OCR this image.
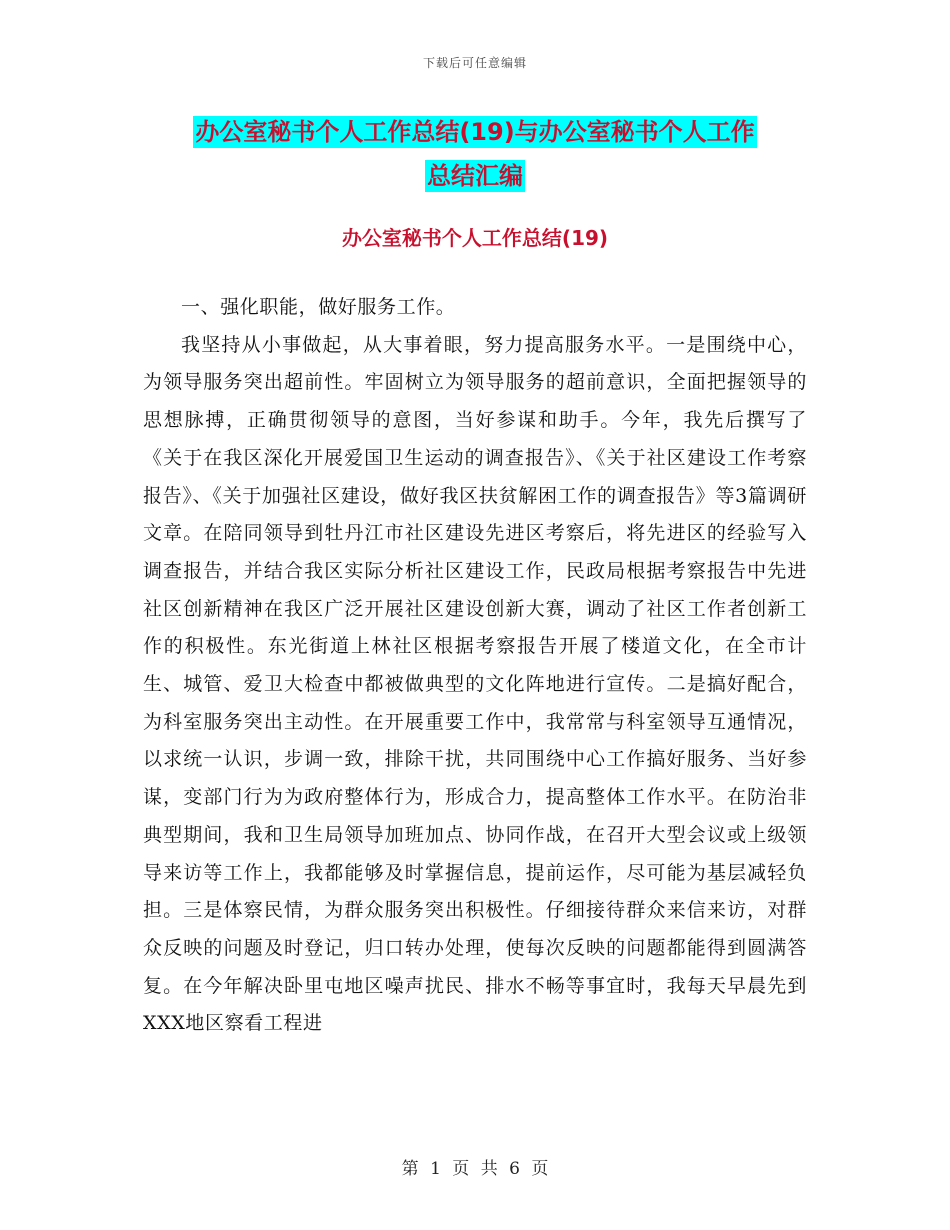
下载后可任意编辑
办公室秘书个人工作总结(19)与办公室秘书个人工作
总结汇编
办公室秘书个人工作总结(19)

一、强化职能，做好服务工作。

我坚持从小事做起，从大事着眼，努力提高服务水平。一是围绕中心，为领导服务突出超前性。牢固树立为领导服务的超前意识，全面把握领导的思想脉搏，正确贯彻领导的意图，当好参谋和助手。今年，我先后撰写了《关于在我区深化开展爱国卫生运动的调查报告》、《关于社区建设工作考察报告》、《关于加强社区建设，做好我区扶贫解困工作的调查报告》等3篇调研文章。在陪同领导到牡丹江市社区建设先进区考察后，将先进区的经验写入调查报告，并结合我区实际分析社区建设工作，民政局根据考察报告中先进社区创新精神在我区广泛开展社区建设创新大赛，调动了社区工作者创新工作的积极性。东光街道上林社区根据考察报告开展了楼道文化，在全市计生、城管、爱卫大检查中都被做典型的文化阵地进行宣传。二是搞好配合，为科室服务突出主动性。在开展重要工作中，我常常与科室领导互通情况，以求统一认识，步调一致，排除干扰，共同围绕中心工作搞好服务、当好参谋，变部门行为为政府整体行为，形成合力，提高整体工作水平。在防治非典型期间，我和卫生局领导加班加点、协同作战，在召开大型会议或上级领导来访等工作上，我都能够及时掌握信息，提前运作，尽可能为基层减轻负担。三是体察民情，为群众服务突出积极性。仔细接待群众来信来访，对群众反映的问题及时登记，归口转办处理，使每次反映的问题都能得到圆满答复。在今年解决卧里屯地区噪声扰民、排水不畅等事宜时，我每天早晨先到XXX地区察看工程进

第 1 页 共 6 页
